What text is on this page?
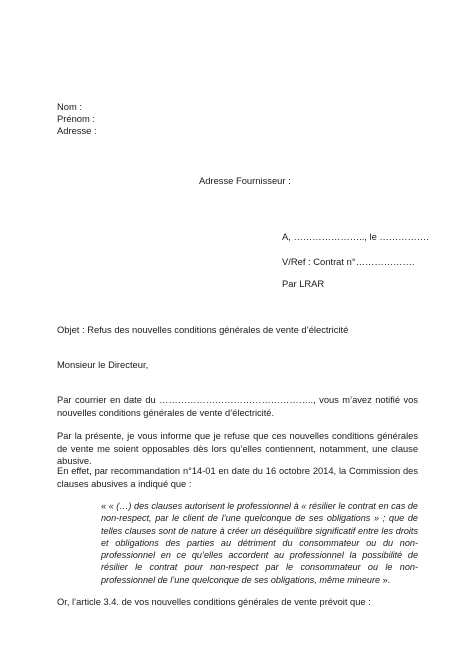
Nom :
Prénom :
Adresse :
Adresse Fournisseur :
A, ………………….., le …………….
V/Ref : Contrat n°……………….
Par LRAR
Objet : Refus des nouvelles conditions générales de vente d’électricité
Monsieur le Directeur,
Par courrier en date du ………………………………………….., vous m’avez notifié vos nouvelles conditions générales de vente d’électricité.
Par la présente, je vous informe que je refuse que ces nouvelles conditions générales de vente me soient opposables dès lors qu’elles contiennent, notamment, une clause abusive.
En effet, par recommandation n°14-01 en date du 16 octobre 2014, la Commission des clauses abusives a indiqué que :
« « (…) des clauses autorisent le professionnel à « résilier le contrat en cas de non-respect, par le client de l’une quelconque de ses obligations » ; que de telles clauses sont de nature à créer un déséquilibre significatif entre les droits et obligations des parties au détriment du consommateur ou du non-professionnel en ce qu’elles accordent au professionnel la possibilité de résilier le contrat pour non-respect par le consommateur ou le non-professionnel de l’une quelconque de ses obligations, même mineure ».
Or, l’article 3.4. de vos nouvelles conditions générales de vente prévoit que :
